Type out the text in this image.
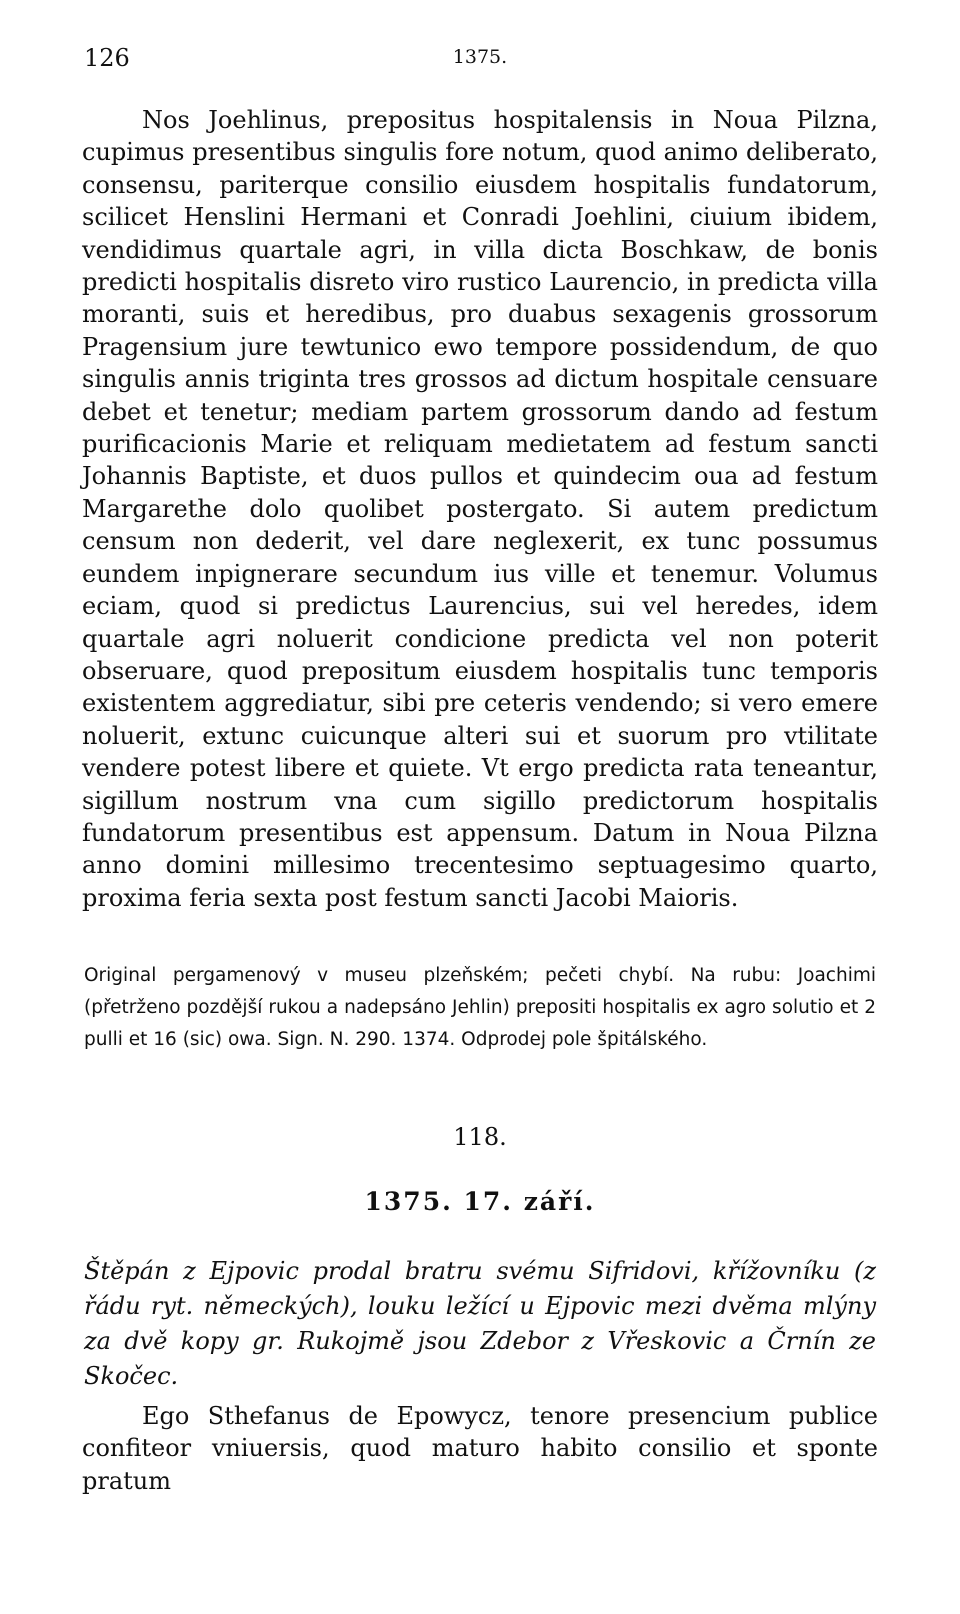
126	1375.

Nos Joehlinus, prepositus hospitalensis in Noua Pilzna, cupimus presentibus singulis fore notum, quod animo deliberato, consensu, pariterque consilio eiusdem hospitalis fundatorum, scilicet Henslini Hermani et Conradi Joehlini, ciuium ibidem, vendidimus quartale agri, in villa dicta Boschkaw, de bonis predicti hospitalis disreto viro rustico Laurencio, in predicta villa moranti, suis et heredibus, pro duabus sexagenis grossorum Pragensium jure tewtunico ewo tempore possidendum, de quo singulis annis triginta tres grossos ad dictum hospitale censuare debet et tenetur; mediam partem grossorum dando ad festum purificacionis Marie et reliquam medietatem ad festum sancti Johannis Baptiste, et duos pullos et quindecim oua ad festum Margarethe dolo quolibet postergato. Si autem predictum censum non dederit, vel dare neglexerit, ex tunc possumus eundem inpignerare secundum ius ville et tenemur. Volumus eciam, quod si predictus Laurencius, sui vel heredes, idem quartale agri noluerit condicione predicta vel non poterit obseruare, quod prepositum eiusdem hospitalis tunc temporis existentem aggrediatur, sibi pre ceteris vendendo; si vero emere noluerit, extunc cuicunque alteri sui et suorum pro vtilitate vendere potest libere et quiete. Vt ergo predicta rata teneantur, sigillum nostrum vna cum sigillo predictorum hospitalis fundatorum presentibus est appensum. Datum in Noua Pilzna anno domini millesimo trecentesimo septuagesimo quarto, proxima feria sexta post festum sancti Jacobi Maioris.

Original pergamenový v museu plzeňském; pečeti chybí. Na rubu: Joachimi (přetrženo pozdější rukou a nadepsáno Jehlin) prepositi hospitalis ex agro solutio et 2 pulli et 16 (sic) owa. Sign. N. 290. 1374. Odprodej pole špitálského.

118.
1375. 17. září.

Štěpán z Ejpovic prodal bratru svému Sifridovi, křížovníku (z řádu ryt. německých), louku ležící u Ejpovic mezi dvěma mlýny za dvě kopy gr. Rukojmě jsou Zdebor z Vřeskovic a Črnín ze Skočec.

Ego Sthefanus de Epowycz, tenore presencium publice confiteor vniuersis, quod maturo habito consilio et sponte pratum
